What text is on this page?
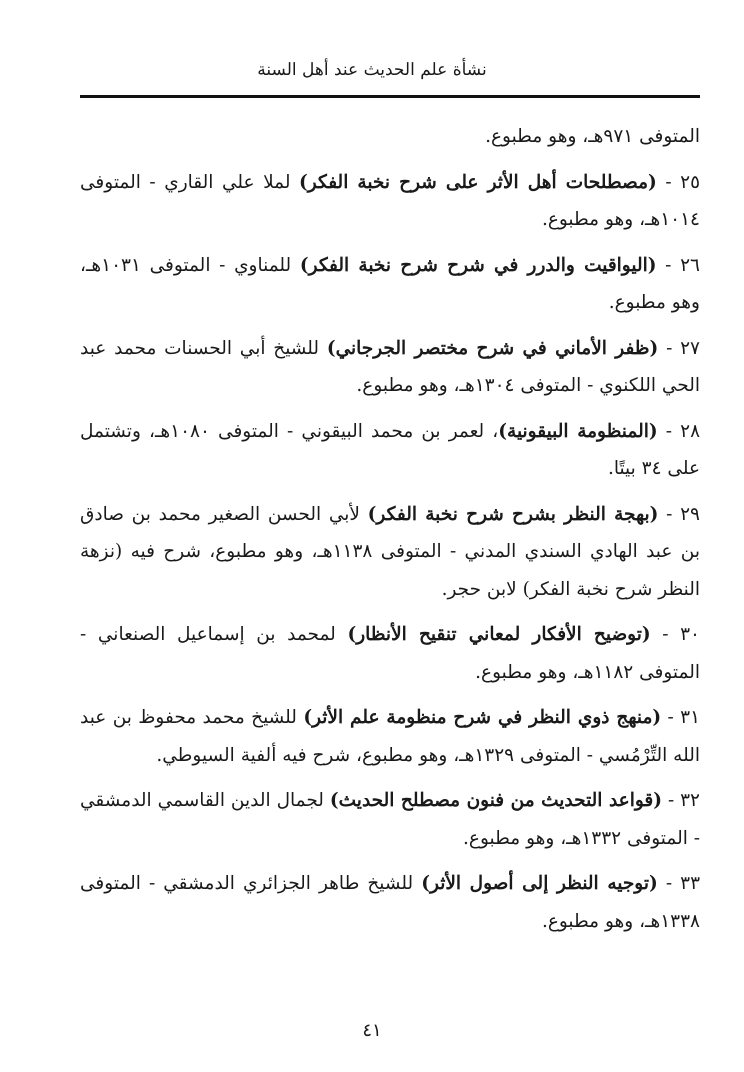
نشأة علم الحديث عند أهل السنة

المتوفى ٩٧١هـ، وهو مطبوع.

٢٥ - (مصطلحات أهل الأثر على شرح نخبة الفكر) لملا علي القاري - المتوفى ١٠١٤هـ، وهو مطبوع.

٢٦ - (اليواقيت والدرر في شرح شرح نخبة الفكر) للمناوي - المتوفى ١٠٣١هـ، وهو مطبوع.

٢٧ - (ظفر الأماني في شرح مختصر الجرجاني) للشيخ أبي الحسنات محمد عبد الحي اللكنوي - المتوفى ١٣٠٤هـ، وهو مطبوع.

٢٨ - (المنظومة البيقونية)، لعمر بن محمد البيقوني - المتوفى ١٠٨٠هـ، وتشتمل على ٣٤ بيتًا.

٢٩ - (بهجة النظر بشرح شرح نخبة الفكر) لأبي الحسن الصغير محمد بن صادق بن عبد الهادي السندي المدني - المتوفى ١١٣٨هـ، وهو مطبوع، شرح فيه (نزهة النظر شرح نخبة الفكر) لابن حجر.

٣٠ - (توضيح الأفكار لمعاني تنقيح الأنظار) لمحمد بن إسماعيل الصنعاني - المتوفى ١١٨٢هـ، وهو مطبوع.

٣١ - (منهج ذوي النظر في شرح منظومة علم الأثر) للشيخ محمد محفوظ بن عبد الله التِّرْمُسي - المتوفى ١٣٢٩هـ، وهو مطبوع، شرح فيه ألفية السيوطي.

٣٢ - (قواعد التحديث من فنون مصطلح الحديث) لجمال الدين القاسمي الدمشقي - المتوفى ١٣٣٢هـ، وهو مطبوع.

٣٣ - (توجيه النظر إلى أصول الأثر) للشيخ طاهر الجزائري الدمشقي - المتوفى ١٣٣٨هـ، وهو مطبوع.

٤١
